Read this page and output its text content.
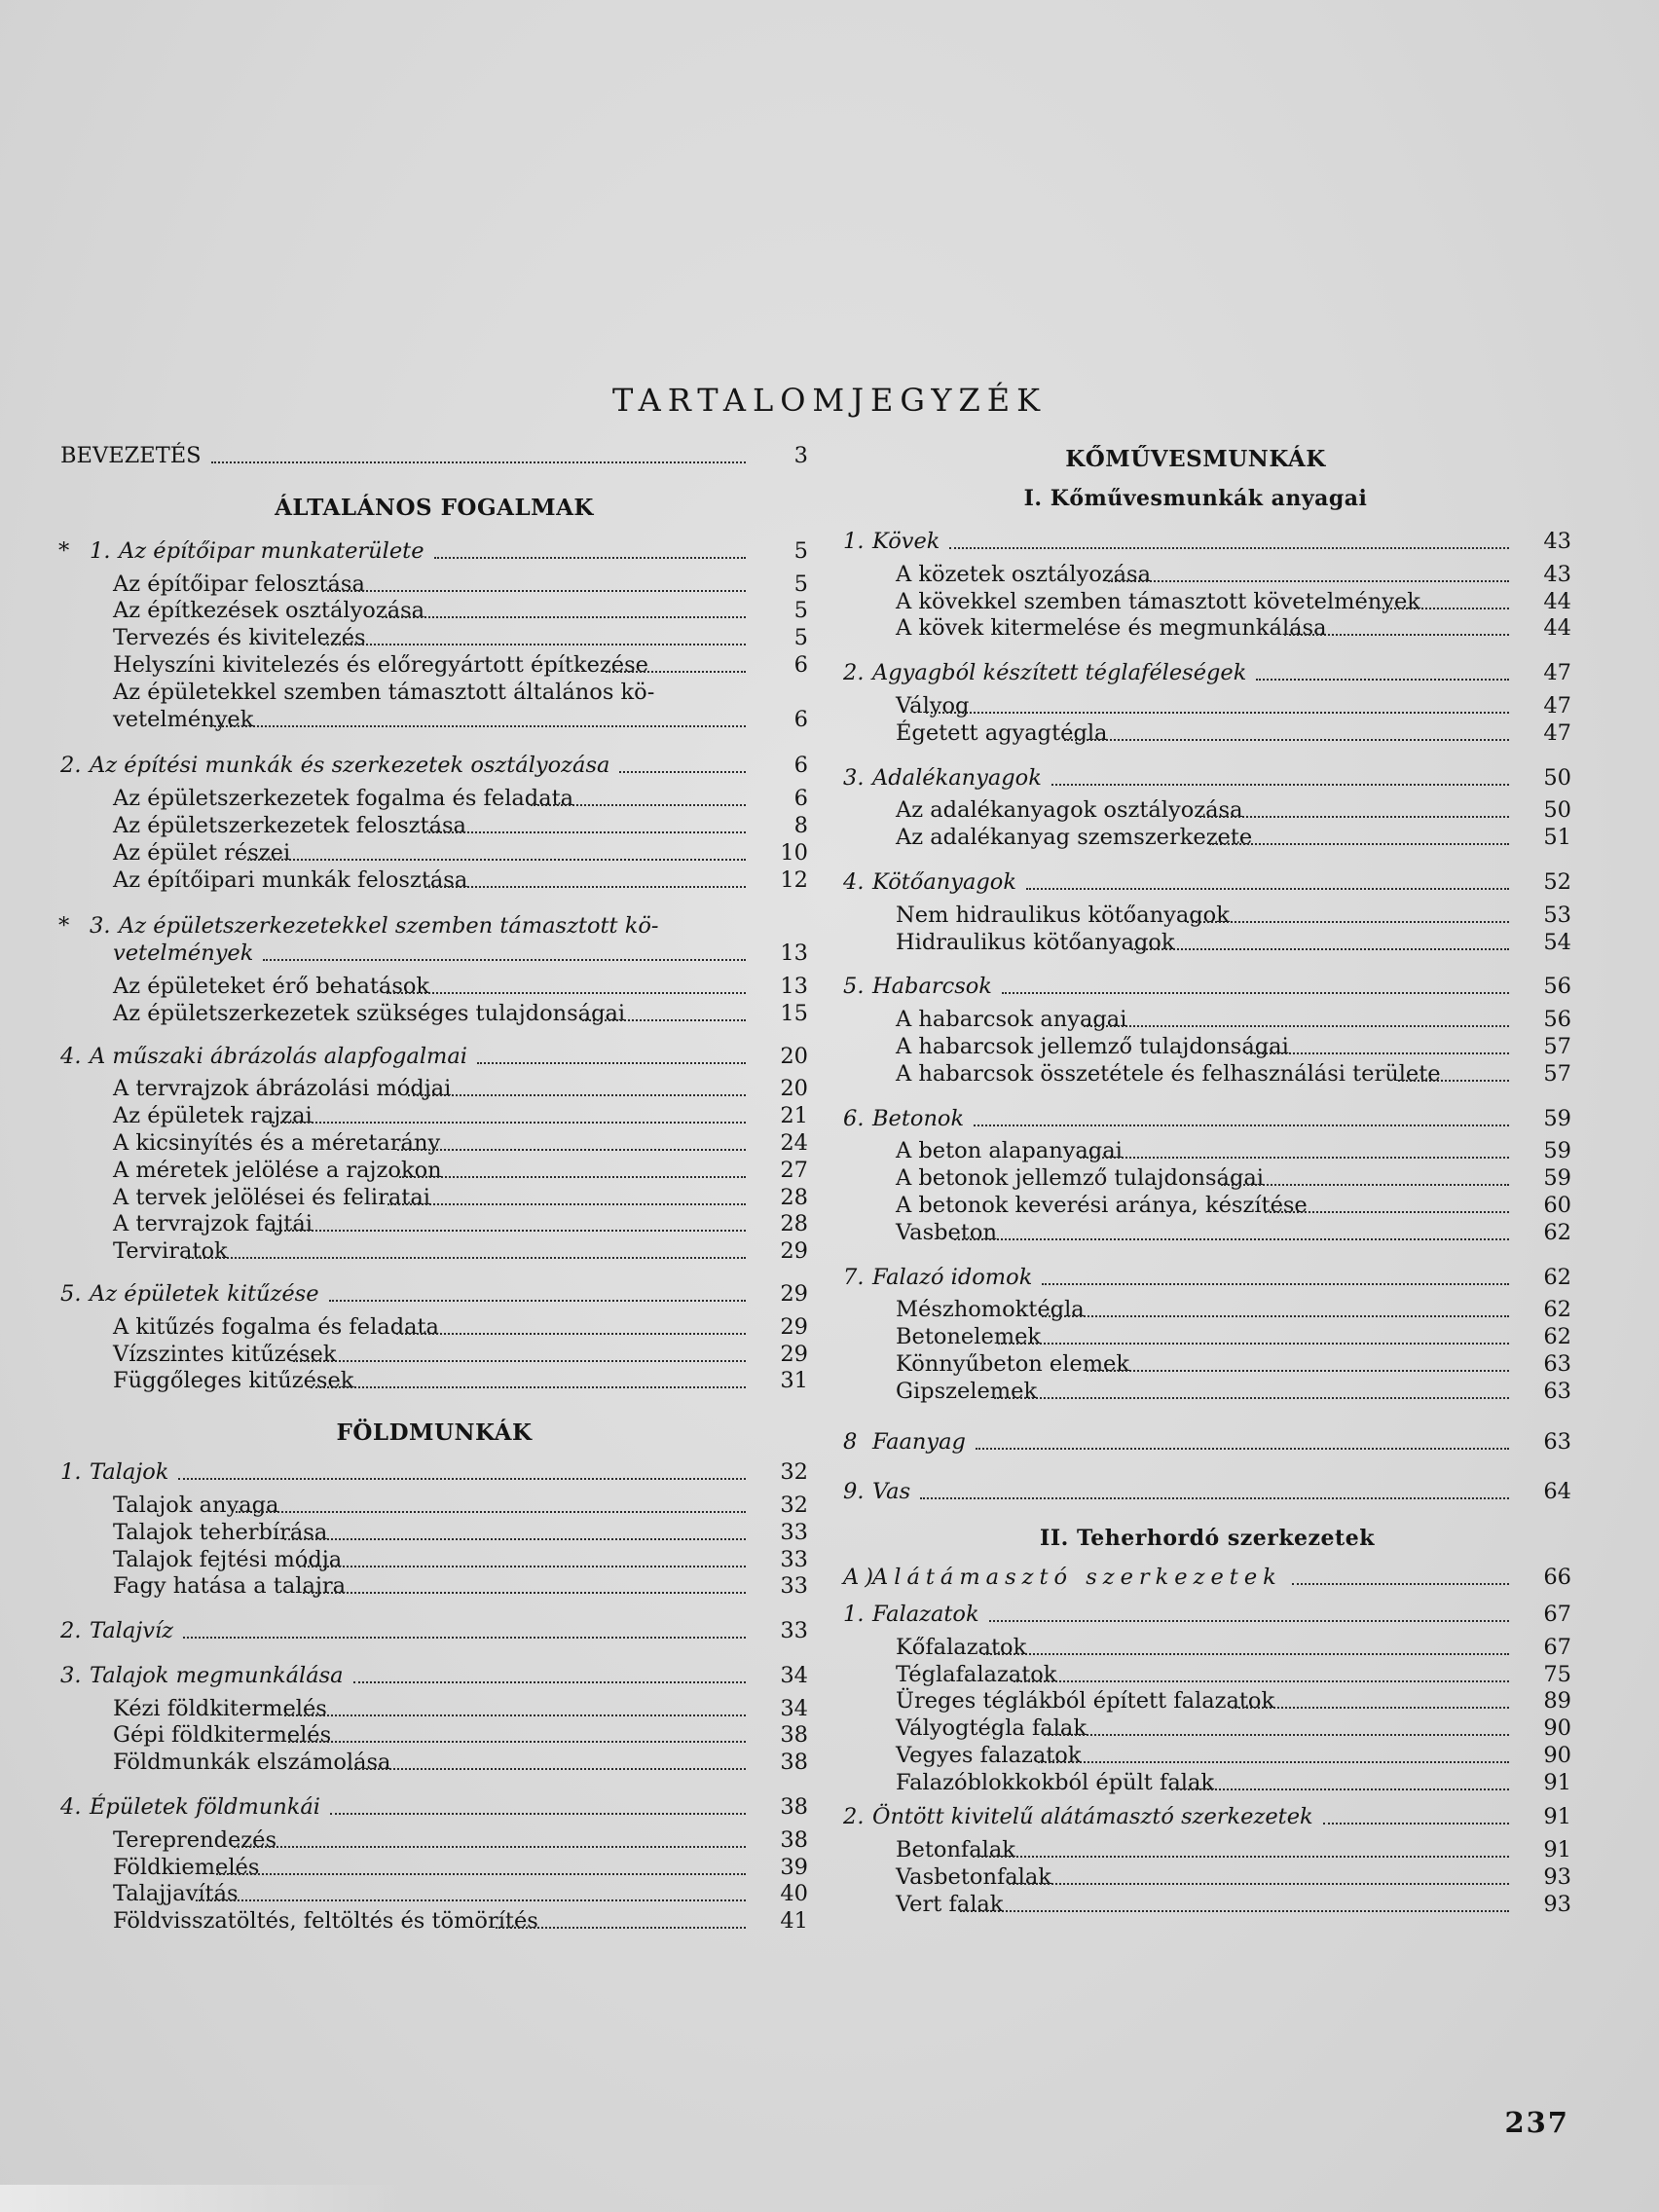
TARTALOMJEGYZÉK
BEVEZETÉS	3
ÁLTALÁNOS FOGALMAK
* 1. Az építőipar munkaterülete	5
Az építőipar felosztása	5
Az építkezések osztályozása	5
Tervezés és kivitelezés	5
Helyszíni kivitelezés és előregyártott építkezése	6
Az épületekkel szemben támasztott általános kö-
vetelmények	6
2. Az építési munkák és szerkezetek osztályozása	6
Az épületszerkezetek fogalma és feladata	6
Az épületszerkezetek felosztása	8
Az épület részei	10
Az építőipari munkák felosztása	12
* 3. Az épületszerkezetekkel szemben támasztott kö-
vetelmények	13
Az épületeket érő behatások	13
Az épületszerkezetek szükséges tulajdonságai	15
4. A műszaki ábrázolás alapfogalmai	20
A tervrajzok ábrázolási módjai	20
Az épületek rajzai	21
A kicsinyítés és a méretarány	24
A méretek jelölése a rajzokon	27
A tervek jelölései és feliratai	28
A tervrajzok fajtái	28
Terviratok	29
5. Az épületek kitűzése	29
A kitűzés fogalma és feladata	29
Vízszintes kitűzések	29
Függőleges kitűzések	31
FÖLDMUNKÁK
1. Talajok	32
Talajok anyaga	32
Talajok teherbírása	33
Talajok fejtési módja	33
Fagy hatása a talajra	33
2. Talajvíz	33
3. Talajok megmunkálása	34
Kézi földkitermelés	34
Gépi földkitermelés	38
Földmunkák elszámolása	38
4. Épületek földmunkái	38
Tereprendezés	38
Földkiemelés	39
Talajjavítás	40
Földvisszatöltés, feltöltés és tömörítés	41
KŐMŰVESMUNKÁK
I. Kőművesmunkák anyagai
1. Kövek	43
A közetek osztályozása	43
A kövekkel szemben támasztott követelmények	44
A kövek kitermelése és megmunkálása	44
2. Agyagból készített téglaféleségek	47
Vályog	47
Égetett agyagtégla	47
3. Adalékanyagok	50
Az adalékanyagok osztályozása	50
Az adalékanyag szemszerkezete	51
4. Kötőanyagok	52
Nem hidraulikus kötőanyagok	53
Hidraulikus kötőanyagok	54
5. Habarcsok	56
A habarcsok anyagai	56
A habarcsok jellemző tulajdonságai	57
A habarcsok összetétele és felhasználási területe	57
6. Betonok	59
A beton alapanyagai	59
A betonok jellemző tulajdonságai	59
A betonok keverési aránya, készítése	60
Vasbeton	62
7. Falazó idomok	62
Mészhomoktégla	62
Betonelemek	62
Könnyűbeton elemek	63
Gipszelemek	63
8 Faanyag	63
9. Vas	64
II. Teherhordó szerkezetek
A)Alátámasztó szerkezetek	66
1. Falazatok	67
Kőfalazatok	67
Téglafalazatok	75
Üreges téglákból épített falazatok	89
Vályogtégla falak	90
Vegyes falazatok	90
Falazóblokkokból épült falak	91
2. Öntött kivitelű alátámasztó szerkezetek	91
Betonfalak	91
Vasbetonfalak	93
Vert falak	93
237
